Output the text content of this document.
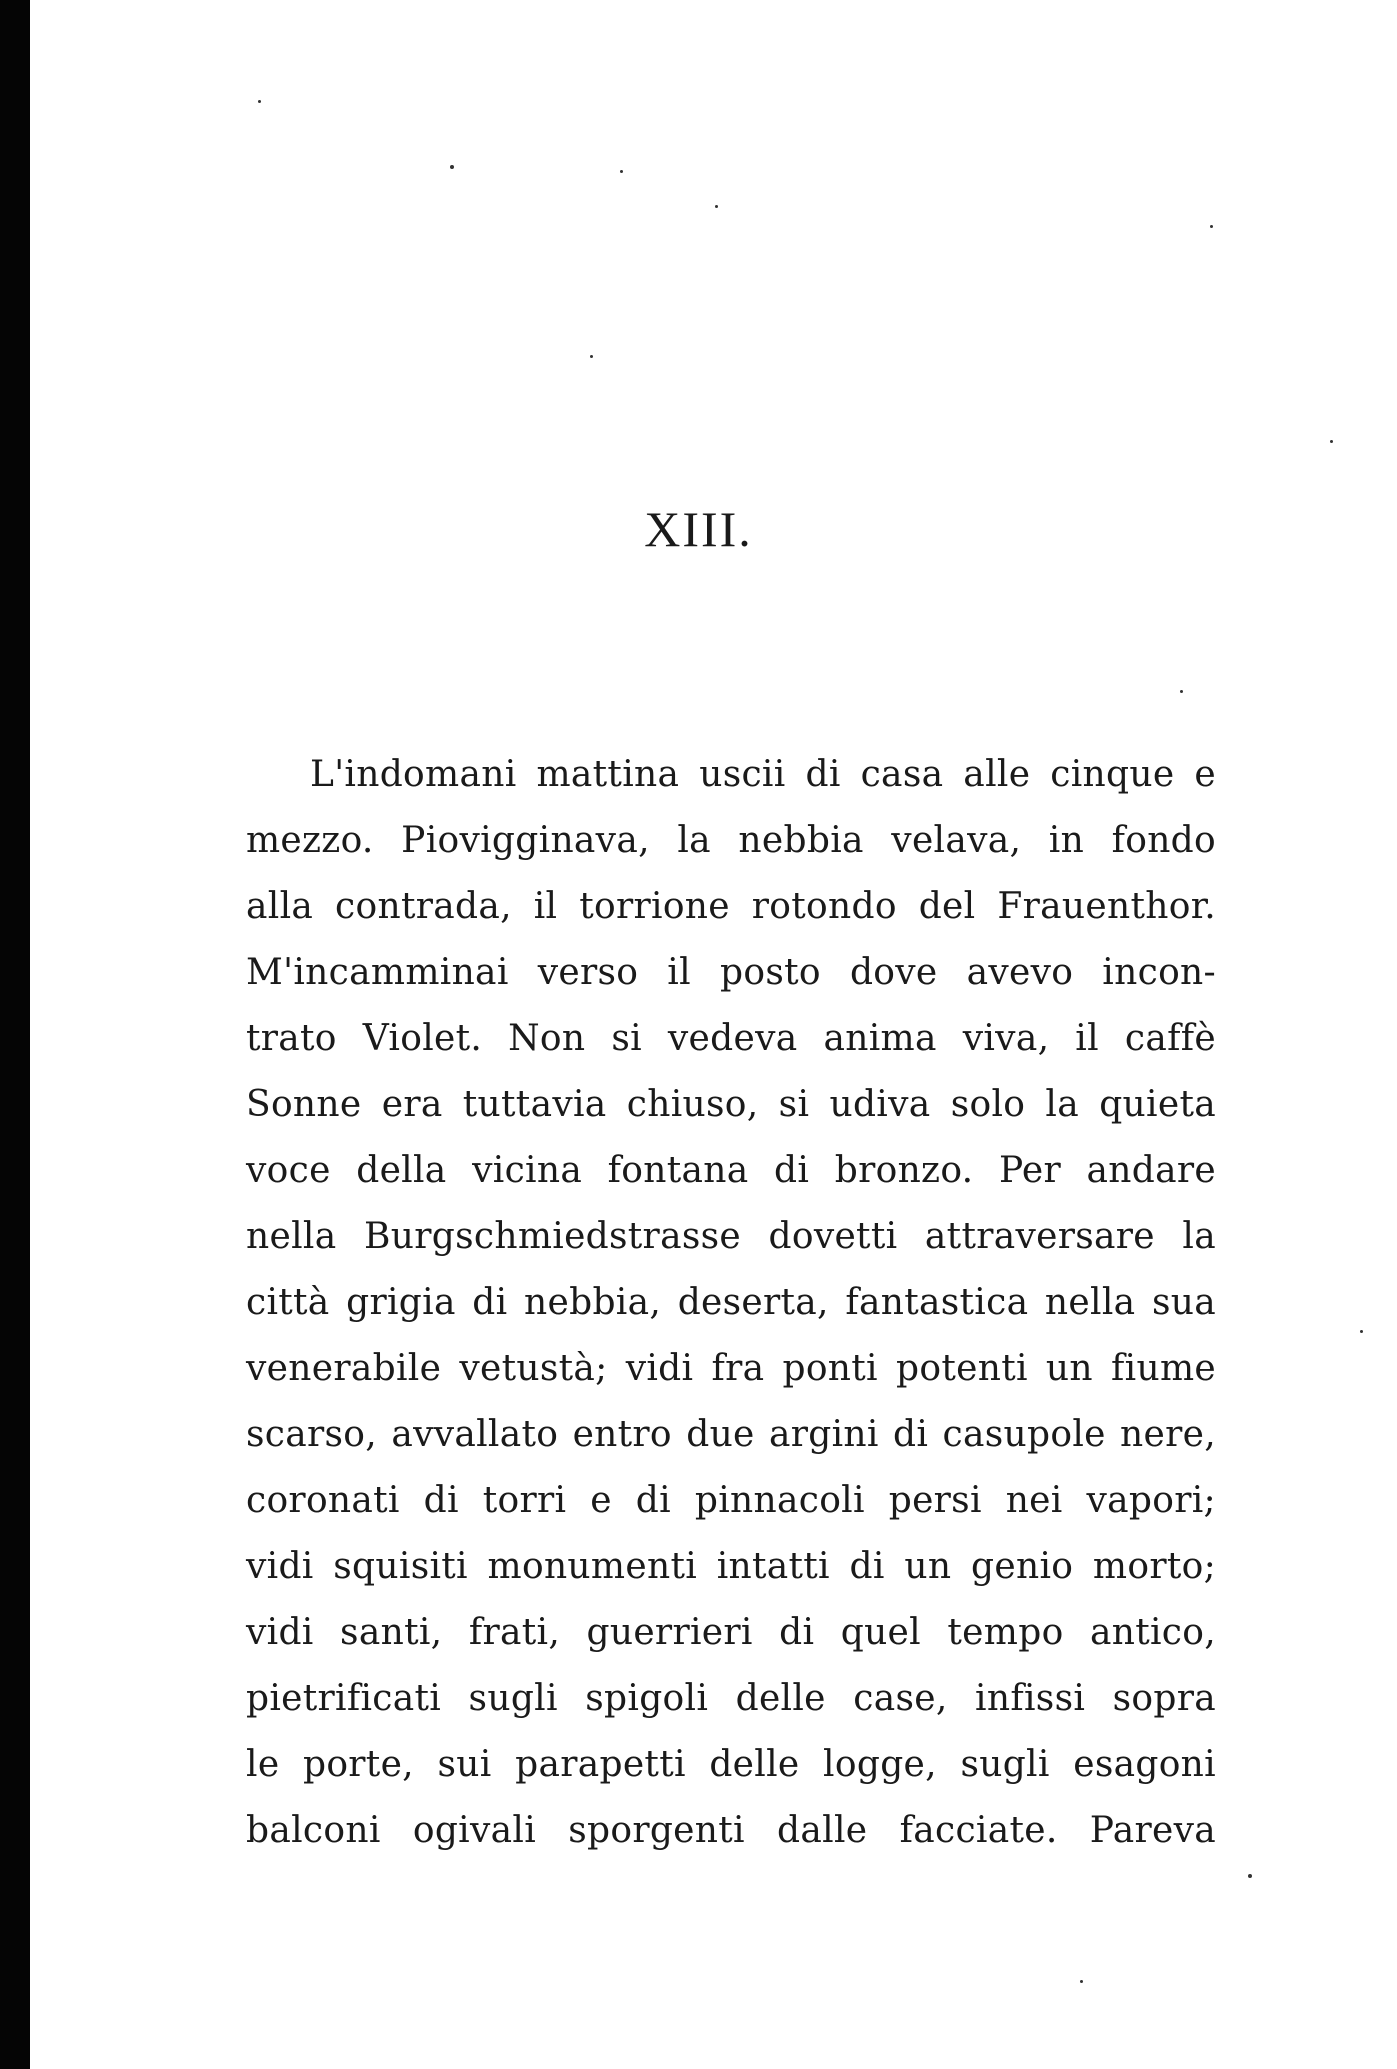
XIII.
L'indomani mattina uscii di casa alle cinque e
mezzo. Piovigginava, la nebbia velava, in fondo
alla contrada, il torrione rotondo del Frauenthor.
M'incamminai verso il posto dove avevo incon-
trato Violet. Non si vedeva anima viva, il caffè
Sonne era tuttavia chiuso, si udiva solo la quieta
voce della vicina fontana di bronzo. Per andare
nella Burgschmiedstrasse dovetti attraversare la
città grigia di nebbia, deserta, fantastica nella sua
venerabile vetustà; vidi fra ponti potenti un fiume
scarso, avvallato entro due argini di casupole nere,
coronati di torri e di pinnacoli persi nei vapori;
vidi squisiti monumenti intatti di un genio morto;
vidi santi, frati, guerrieri di quel tempo antico,
pietrificati sugli spigoli delle case, infissi sopra
le porte, sui parapetti delle logge, sugli esagoni
balconi ogivali sporgenti dalle facciate. Pareva
